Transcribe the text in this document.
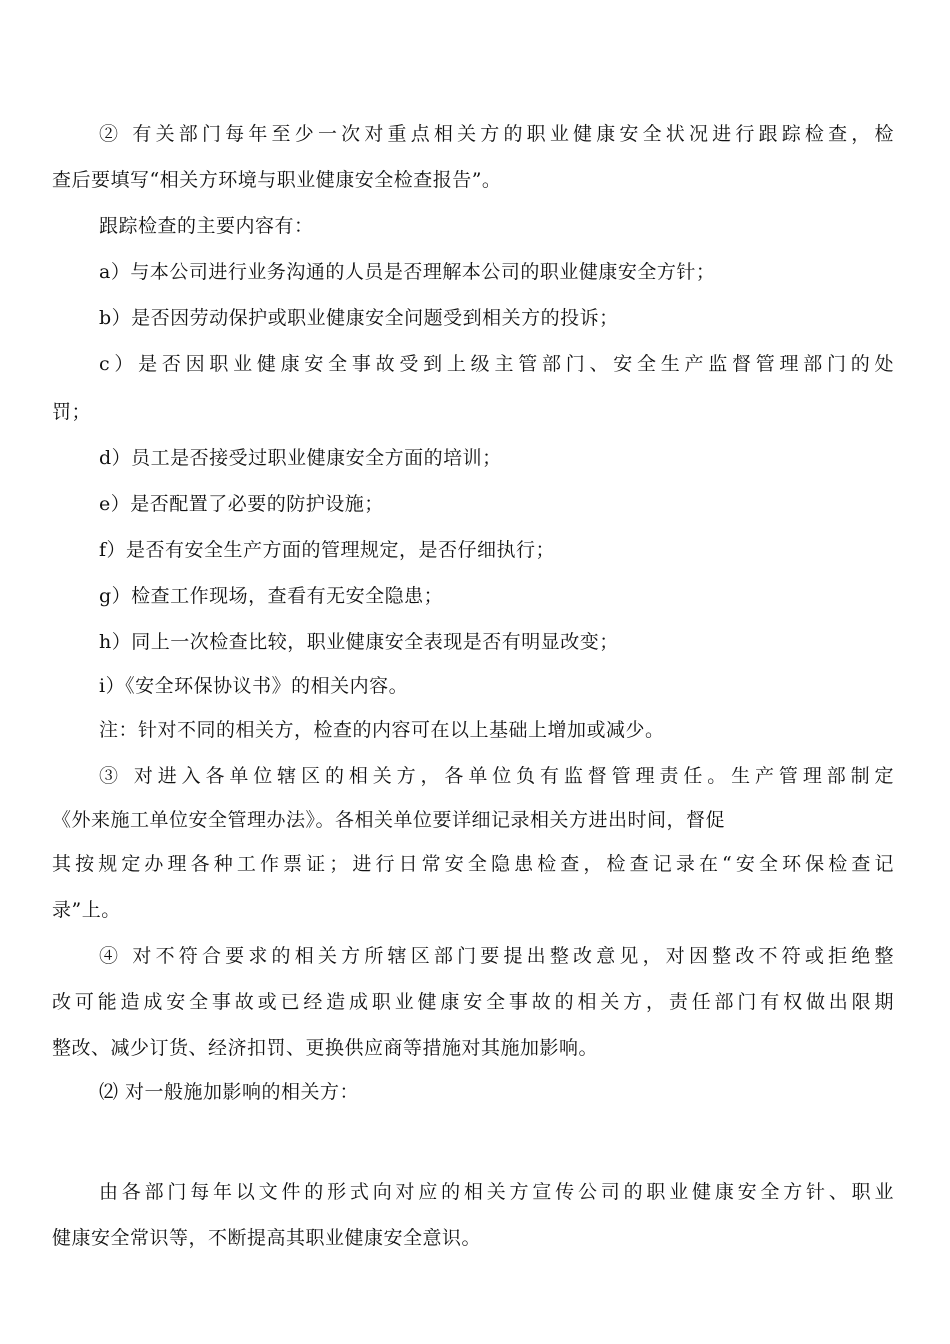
② 有关部门每年至少一次对重点相关方的职业健康安全状况进行跟踪检查，检
查后要填写“相关方环境与职业健康安全检查报告”。
跟踪检查的主要内容有：
a）与本公司进行业务沟通的人员是否理解本公司的职业健康安全方针；
b）是否因劳动保护或职业健康安全问题受到相关方的投诉；
c）是否因职业健康安全事故受到上级主管部门、安全生产监督管理部门的处
罚；
d）员工是否接受过职业健康安全方面的培训；
e）是否配置了必要的防护设施；
f）是否有安全生产方面的管理规定，是否仔细执行；
g）检查工作现场，查看有无安全隐患；
h）同上一次检查比较，职业健康安全表现是否有明显改变；
i）《安全环保协议书》的相关内容。
注：针对不同的相关方，检查的内容可在以上基础上增加或减少。
③ 对进入各单位辖区的相关方，各单位负有监督管理责任。生产管理部制定
《外来施工单位安全管理办法》。各相关单位要详细记录相关方进出时间，督促
其按规定办理各种工作票证；进行日常安全隐患检查，检查记录在“安全环保检查记
录”上。
④ 对不符合要求的相关方所辖区部门要提出整改意见，对因整改不符或拒绝整
改可能造成安全事故或已经造成职业健康安全事故的相关方，责任部门有权做出限期
整改、减少订货、经济扣罚、更换供应商等措施对其施加影响。
⑵ 对一般施加影响的相关方：
由各部门每年以文件的形式向对应的相关方宣传公司的职业健康安全方针、职业
健康安全常识等，不断提高其职业健康安全意识。
